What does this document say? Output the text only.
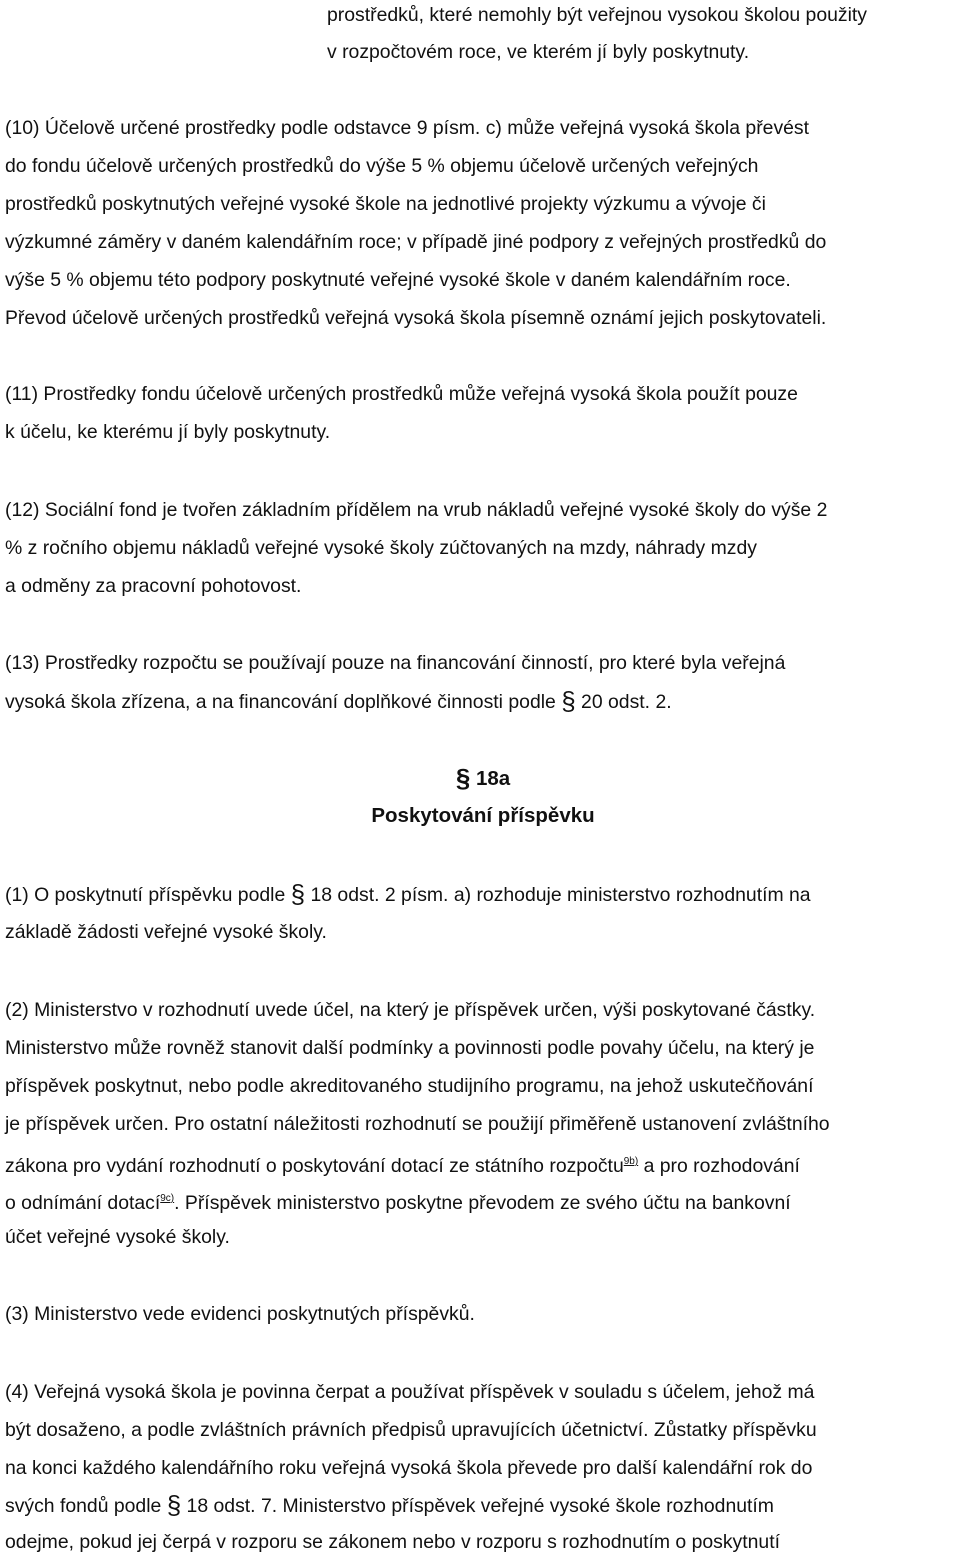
prostředků, které nemohly být veřejnou vysokou školou použity
v rozpočtovém roce, ve kterém jí byly poskytnuty.
(10) Účelově určené prostředky podle odstavce 9 písm. c) může veřejná vysoká škola převést
do fondu účelově určených prostředků do výše 5 % objemu účelově určených veřejných
prostředků poskytnutých veřejné vysoké škole na jednotlivé projekty výzkumu a vývoje či
výzkumné záměry v daném kalendářním roce; v případě jiné podpory z veřejných prostředků do
výše 5 % objemu této podpory poskytnuté veřejné vysoké škole v daném kalendářním roce.
Převod účelově určených prostředků veřejná vysoká škola písemně oznámí jejich poskytovateli.
(11) Prostředky fondu účelově určených prostředků může veřejná vysoká škola použít pouze
k účelu, ke kterému jí byly poskytnuty.
(12) Sociální fond je tvořen základním přídělem na vrub nákladů veřejné vysoké školy do výše 2
% z ročního objemu nákladů veřejné vysoké školy zúčtovaných na mzdy, náhrady mzdy
a odměny za pracovní pohotovost.
(13) Prostředky rozpočtu se používají pouze na financování činností, pro které byla veřejná
vysoká škola zřízena, a na financování doplňkové činnosti podle § 20 odst. 2.
§ 18a
Poskytování příspěvku
(1) O poskytnutí příspěvku podle § 18 odst. 2 písm. a) rozhoduje ministerstvo rozhodnutím na
základě žádosti veřejné vysoké školy.
(2) Ministerstvo v rozhodnutí uvede účel, na který je příspěvek určen, výši poskytované částky.
Ministerstvo může rovněž stanovit další podmínky a povinnosti podle povahy účelu, na který je
příspěvek poskytnut, nebo podle akreditovaného studijního programu, na jehož uskutečňování
je příspěvek určen. Pro ostatní náležitosti rozhodnutí se použijí přiměřeně ustanovení zvláštního
zákona pro vydání rozhodnutí o poskytování dotací ze státního rozpočtu$^{9b)}$ a pro rozhodování
o odnímání dotací$^{9c)}$. Příspěvek ministerstvo poskytne převodem ze svého účtu na bankovní
účet veřejné vysoké školy.
(3) Ministerstvo vede evidenci poskytnutých příspěvků.
(4) Veřejná vysoká škola je povinna čerpat a používat příspěvek v souladu s účelem, jehož má
být dosaženo, a podle zvláštních právních předpisů upravujících účetnictví. Zůstatky příspěvku
na konci každého kalendářního roku veřejná vysoká škola převede pro další kalendářní rok do
svých fondů podle § 18 odst. 7. Ministerstvo příspěvek veřejné vysoké škole rozhodnutím
odejme, pokud jej čerpá v rozporu se zákonem nebo v rozporu s rozhodnutím o poskytnutí
